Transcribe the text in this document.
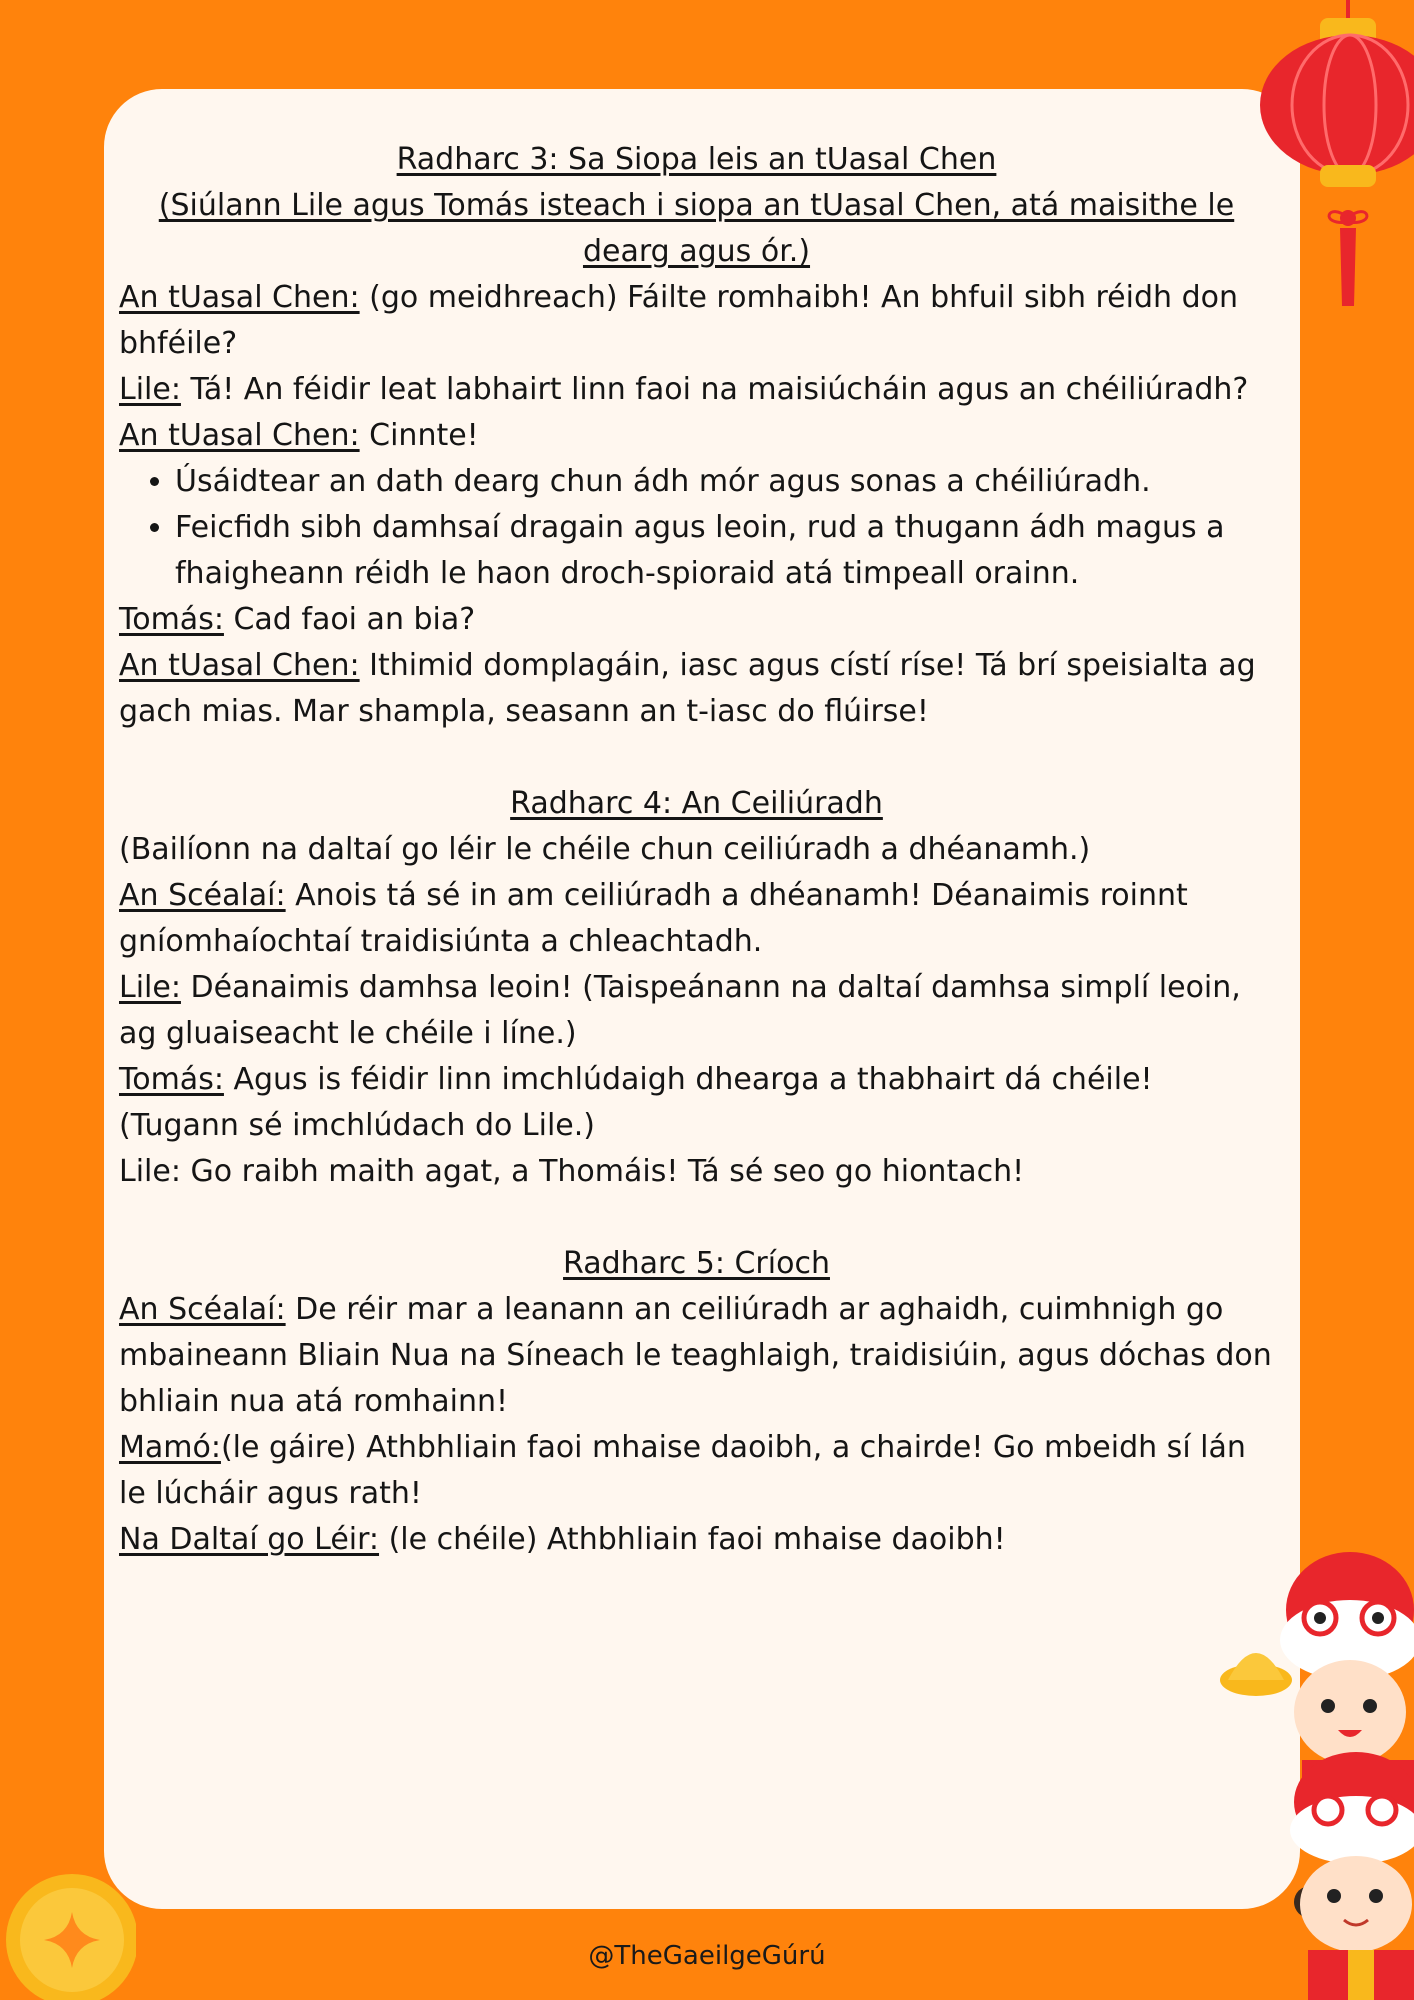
Radharc 3: Sa Siopa leis an tUasal Chen

(Siúlann Lile agus Tomás isteach i siopa an tUasal Chen, atá maisithe le dearg agus ór.)

An tUasal Chen: (go meidhreach) Fáilte romhaibh! An bhfuil sibh réidh don bhféile?

Lile: Tá! An féidir leat labhairt linn faoi na maisiúcháin agus an chéiliúradh?

An tUasal Chen: Cinnte!

• Úsáidtear an dath dearg chun ádh mór agus sonas a chéiliúradh.
• Feicfidh sibh damhsaí dragain agus leoin, rud a thugann ádh magus a fhaigheann réidh le haon droch-spioraid atá timpeall orainn.

Tomás: Cad faoi an bia?

An tUasal Chen: Ithimid domplagáin, iasc agus cístí ríse! Tá brí speisialta ag gach mias. Mar shampla, seasann an t-iasc do flúirse!

Radharc 4: An Ceiliúradh

(Bailíonn na daltaí go léir le chéile chun ceiliúradh a dhéanamh.)

An Scéalaí: Anois tá sé in am ceiliúradh a dhéanamh! Déanaimis roinnt gníomhaíochtaí traidisiúnta a chleachtadh.

Lile: Déanaimis damhsa leoin! (Taispeánann na daltaí damhsa simplí leoin, ag gluaiseacht le chéile i líne.)

Tomás: Agus is féidir linn imchlúdaigh dhearga a thabhairt dá chéile! (Tugann sé imchlúdach do Lile.)

Lile: Go raibh maith agat, a Thomáis! Tá sé seo go hiontach!

Radharc 5: Críoch

An Scéalaí: De réir mar a leanann an ceiliúradh ar aghaidh, cuimhnigh go mbaineann Bliain Nua na Síneach le teaghlaigh, traidisiúin, agus dóchas don bhliain nua atá romhainn!

Mamó:(le gáire) Athbhliain faoi mhaise daoibh, a chairde! Go mbeidh sí lán le lúcháir agus rath!

Na Daltaí go Léir: (le chéile) Athbhliain faoi mhaise daoibh!

@TheGaeilgeGúrú
